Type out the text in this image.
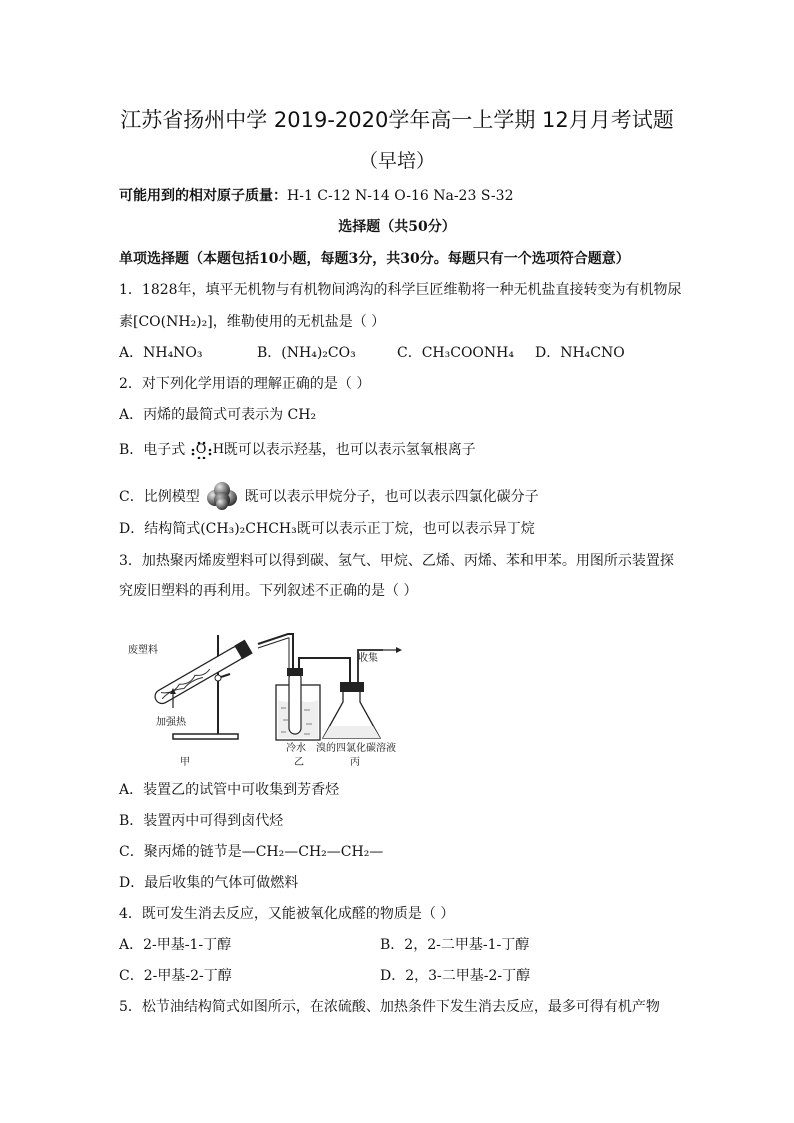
江苏省扬州中学 2019-2020学年高一上学期 12月月考试题
（早培）
可能用到的相对原子质量：H-1 C-12 N-14 O-16 Na-23 S-32
选择题（共50分）
单项选择题（本题包括10小题，每题3分，共30分。每题只有一个选项符合题意）
1．1828年，填平无机物与有机物间鸿沟的科学巨匠维勒将一种无机盐直接转变为有机物尿
素[CO(NH₂)₂]，维勒使用的无机盐是（ ）
A．NH₄NO₃	B．(NH₄)₂CO₃	C．CH₃COONH₄ D．NH₄CNO
2．对下列化学用语的理解正确的是（ ）
A．丙烯的最简式可表示为 CH₂
B．电子式 O H 既可以表示羟基，也可以表示氢氧根离子
C．比例模型	既可以表示甲烷分子，也可以表示四氯化碳分子
D．结构简式(CH₃)₂CHCH₃既可以表示正丁烷，也可以表示异丁烷
3．加热聚丙烯废塑料可以得到碳、氢气、甲烷、乙烯、丙烯、苯和甲苯。用图所示装置探
究废旧塑料的再利用。下列叙述不正确的是（ ）
废塑料
加强热
收集
冷水 溴的四氯化碳溶液
甲	乙	丙
A．装置乙的试管中可收集到芳香烃
B．装置丙中可得到卤代烃
C．聚丙烯的链节是—CH₂—CH₂—CH₂—
D．最后收集的气体可做燃料
4．既可发生消去反应，又能被氧化成醛的物质是（ ）
A．2-甲基-1-丁醇	B．2，2-二甲基-1-丁醇
C．2-甲基-2-丁醇	D．2，3-二甲基-2-丁醇
5．松节油结构简式如图所示，在浓硫酸、加热条件下发生消去反应，最多可得有机产物
